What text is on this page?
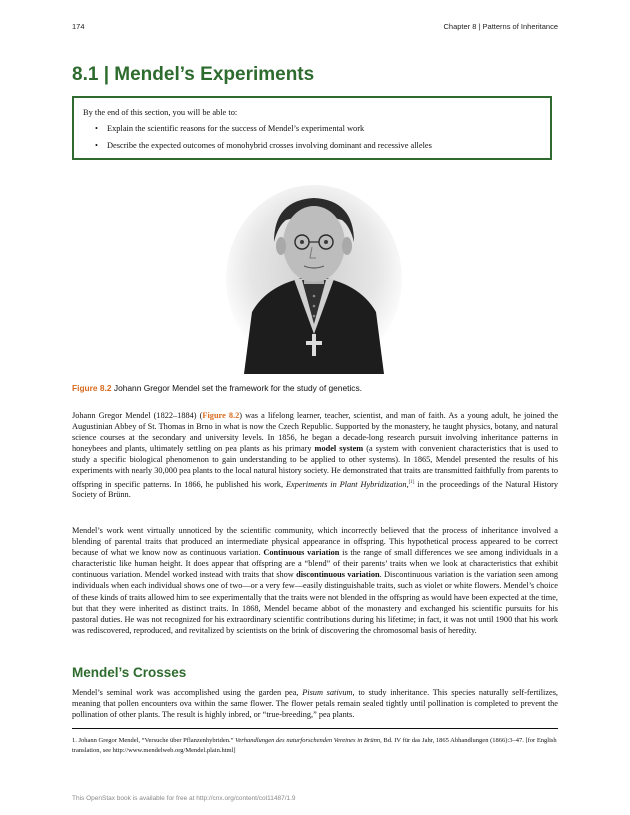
174	Chapter 8 | Patterns of Inheritance
8.1 | Mendel’s Experiments

By the end of this section, you will be able to:

• Explain the scientific reasons for the success of Mendel’s experimental work
• Describe the expected outcomes of monohybrid crosses involving dominant and recessive alleles
Figure 8.2 Johann Gregor Mendel set the framework for the study of genetics.

Johann Gregor Mendel (1822–1884) (Figure 8.2) was a lifelong learner, teacher, scientist, and man of faith. As a young adult, he joined the Augustinian Abbey of St. Thomas in Brno in what is now the Czech Republic. Supported by the monastery, he taught physics, botany, and natural science courses at the secondary and university levels. In 1856, he began a decade-long research pursuit involving inheritance patterns in honeybees and plants, ultimately settling on pea plants as his primary model system (a system with convenient characteristics that is used to study a specific biological phenomenon to gain understanding to be applied to other systems). In 1865, Mendel presented the results of his experiments with nearly 30,000 pea plants to the local natural history society. He demonstrated that traits are transmitted faithfully from parents to offspring in specific patterns. In 1866, he published his work, Experiments in Plant Hybridization,[1] in the proceedings of the Natural History Society of Brünn.

Mendel’s work went virtually unnoticed by the scientific community, which incorrectly believed that the process of inheritance involved a blending of parental traits that produced an intermediate physical appearance in offspring. This hypothetical process appeared to be correct because of what we know now as continuous variation. Continuous variation is the range of small differences we see among individuals in a characteristic like human height. It does appear that offspring are a “blend” of their parents’ traits when we look at characteristics that exhibit continuous variation. Mendel worked instead with traits that show discontinuous variation. Discontinuous variation is the variation seen among individuals when each individual shows one of two—or a very few—easily distinguishable traits, such as violet or white flowers. Mendel’s choice of these kinds of traits allowed him to see experimentally that the traits were not blended in the offspring as would have been expected at the time, but that they were inherited as distinct traits. In 1868, Mendel became abbot of the monastery and exchanged his scientific pursuits for his pastoral duties. He was not recognized for his extraordinary scientific contributions during his lifetime; in fact, it was not until 1900 that his work was rediscovered, reproduced, and revitalized by scientists on the brink of discovering the chromosomal basis of heredity.

Mendel’s Crosses

Mendel’s seminal work was accomplished using the garden pea, Pisum sativum, to study inheritance. This species naturally self-fertilizes, meaning that pollen encounters ova within the same flower. The flower petals remain sealed tightly until pollination is completed to prevent the pollination of other plants. The result is highly inbred, or “true-breeding,” pea plants.

1. Johann Gregor Mendel, “Versuche über Pflanzenhybriden.” Verhandlungen des naturforschenden Vereines in Brünn, Bd. IV für das Jahr, 1865 Abhandlungen (1866):3–47. [for English translation, see http://www.mendelweb.org/Mendel.plain.html]

This OpenStax book is available for free at http://cnx.org/content/col11487/1.9
